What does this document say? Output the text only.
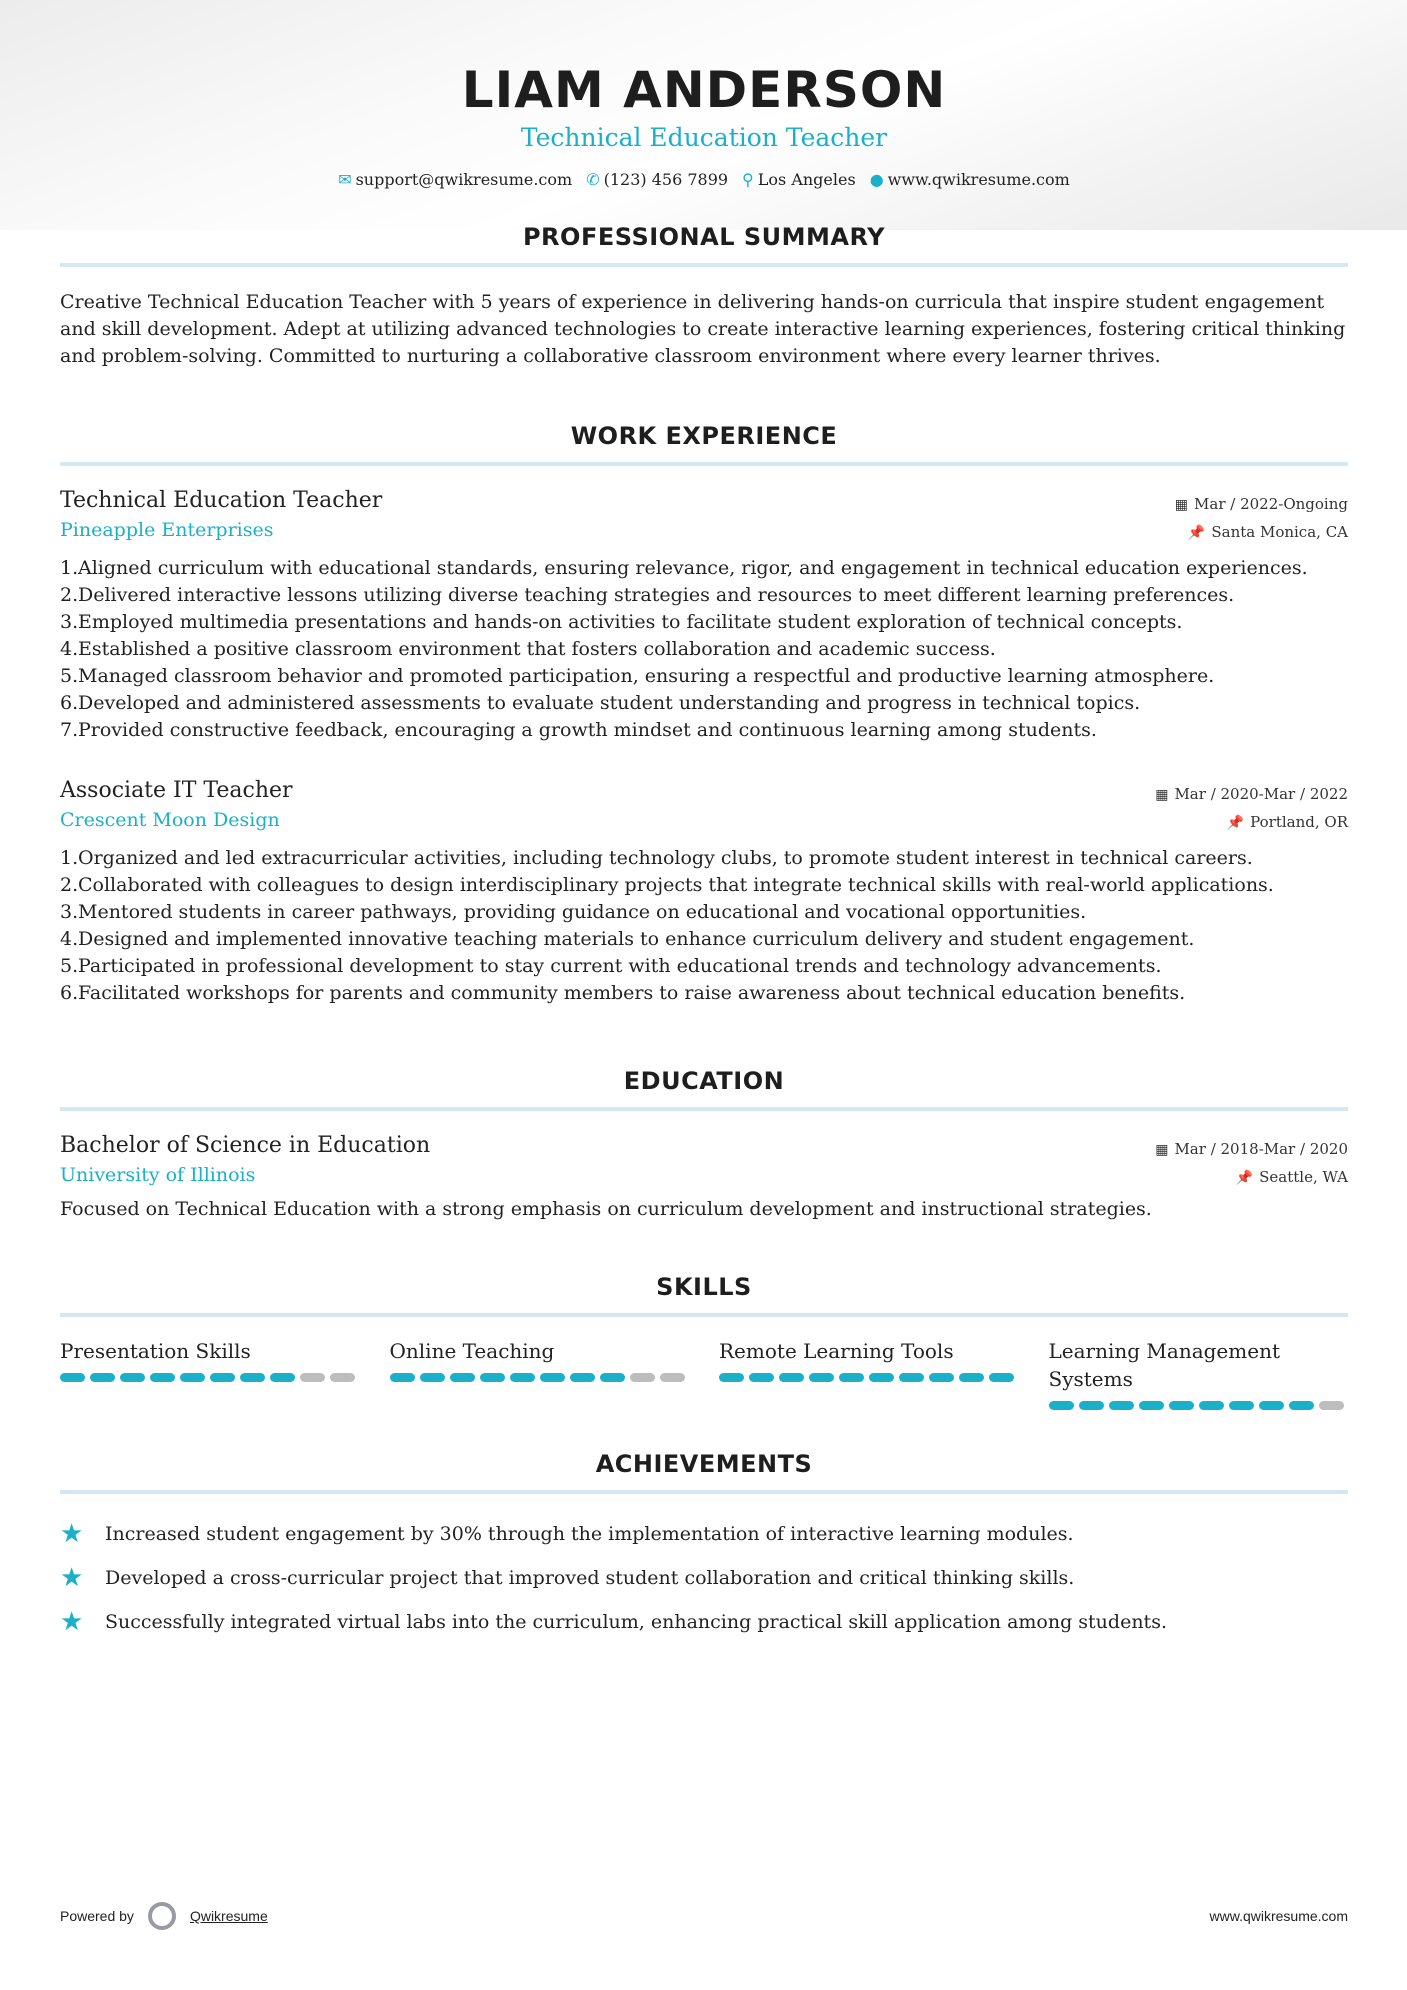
LIAM ANDERSON
Technical Education Teacher
✉ support@qwikresume.com ✆ (123) 456 7899 ⚲ Los Angeles ● www.qwikresume.com
PROFESSIONAL SUMMARY

Creative Technical Education Teacher with 5 years of experience in delivering hands-on curricula that inspire student engagement and skill development. Adept at utilizing advanced technologies to create interactive learning experiences, fostering critical thinking and problem-solving. Committed to nurturing a collaborative classroom environment where every learner thrives.

WORK EXPERIENCE
Technical Education Teacher	▦ Mar / 2022-Ongoing
Pineapple Enterprises	📌 Santa Monica, CA
1.Aligned curriculum with educational standards, ensuring relevance, rigor, and engagement in technical education experiences.
2.Delivered interactive lessons utilizing diverse teaching strategies and resources to meet different learning preferences.
3.Employed multimedia presentations and hands-on activities to facilitate student exploration of technical concepts.
4.Established a positive classroom environment that fosters collaboration and academic success.
5.Managed classroom behavior and promoted participation, ensuring a respectful and productive learning atmosphere.
6.Developed and administered assessments to evaluate student understanding and progress in technical topics.
7.Provided constructive feedback, encouraging a growth mindset and continuous learning among students.
Associate IT Teacher	▦ Mar / 2020-Mar / 2022
Crescent Moon Design	📌 Portland, OR
1.Organized and led extracurricular activities, including technology clubs, to promote student interest in technical careers.
2.Collaborated with colleagues to design interdisciplinary projects that integrate technical skills with real-world applications.
3.Mentored students in career pathways, providing guidance on educational and vocational opportunities.
4.Designed and implemented innovative teaching materials to enhance curriculum delivery and student engagement.
5.Participated in professional development to stay current with educational trends and technology advancements.
6.Facilitated workshops for parents and community members to raise awareness about technical education benefits.
EDUCATION
Bachelor of Science in Education	▦ Mar / 2018-Mar / 2020
University of Illinois	📌 Seattle, WA

Focused on Technical Education with a strong emphasis on curriculum development and instructional strategies.

SKILLS
Presentation Skills	Online Teaching	Remote Learning Tools	Learning Management Systems
ACHIEVEMENTS
★	Increased student engagement by 30% through the implementation of interactive learning modules.
★	Developed a cross-curricular project that improved student collaboration and critical thinking skills.
★	Successfully integrated virtual labs into the curriculum, enhancing practical skill application among students.
Powered by	Qwikresume	www.qwikresume.com
